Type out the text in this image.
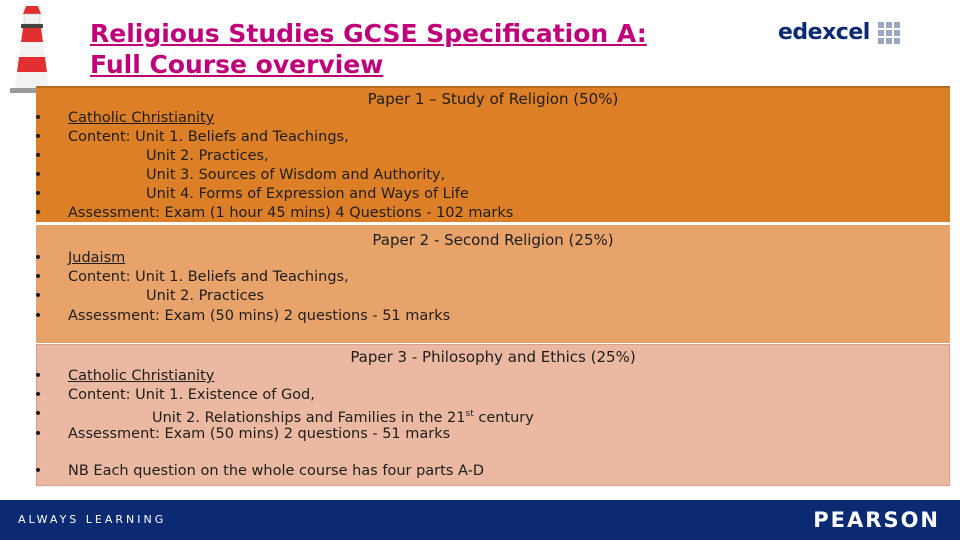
Religious Studies GCSE Specification A:
Full Course overview
edexcel
Paper 1 – Study of Religion (50%)
•	Catholic Christianity
•	Content: Unit 1. Beliefs and Teachings,
•	Unit 2. Practices,
•	Unit 3. Sources of Wisdom and Authority,
•	Unit 4. Forms of Expression and Ways of Life
•	Assessment: Exam (1 hour 45 mins) 4 Questions - 102 marks
Paper 2 - Second Religion (25%)
•	Judaism
•	Content: Unit 1. Beliefs and Teachings,
•	Unit 2. Practices
•	Assessment: Exam (50 mins) 2 questions - 51 marks
Paper 3 - Philosophy and Ethics (25%)
•	Catholic Christianity
•	Content: Unit 1. Existence of God,
•	Unit 2. Relationships and Families in the 21st century
•	Assessment: Exam (50 mins) 2 questions - 51 marks
•	NB Each question on the whole course has four parts A-D
ALWAYS LEARNING	PEARSON
